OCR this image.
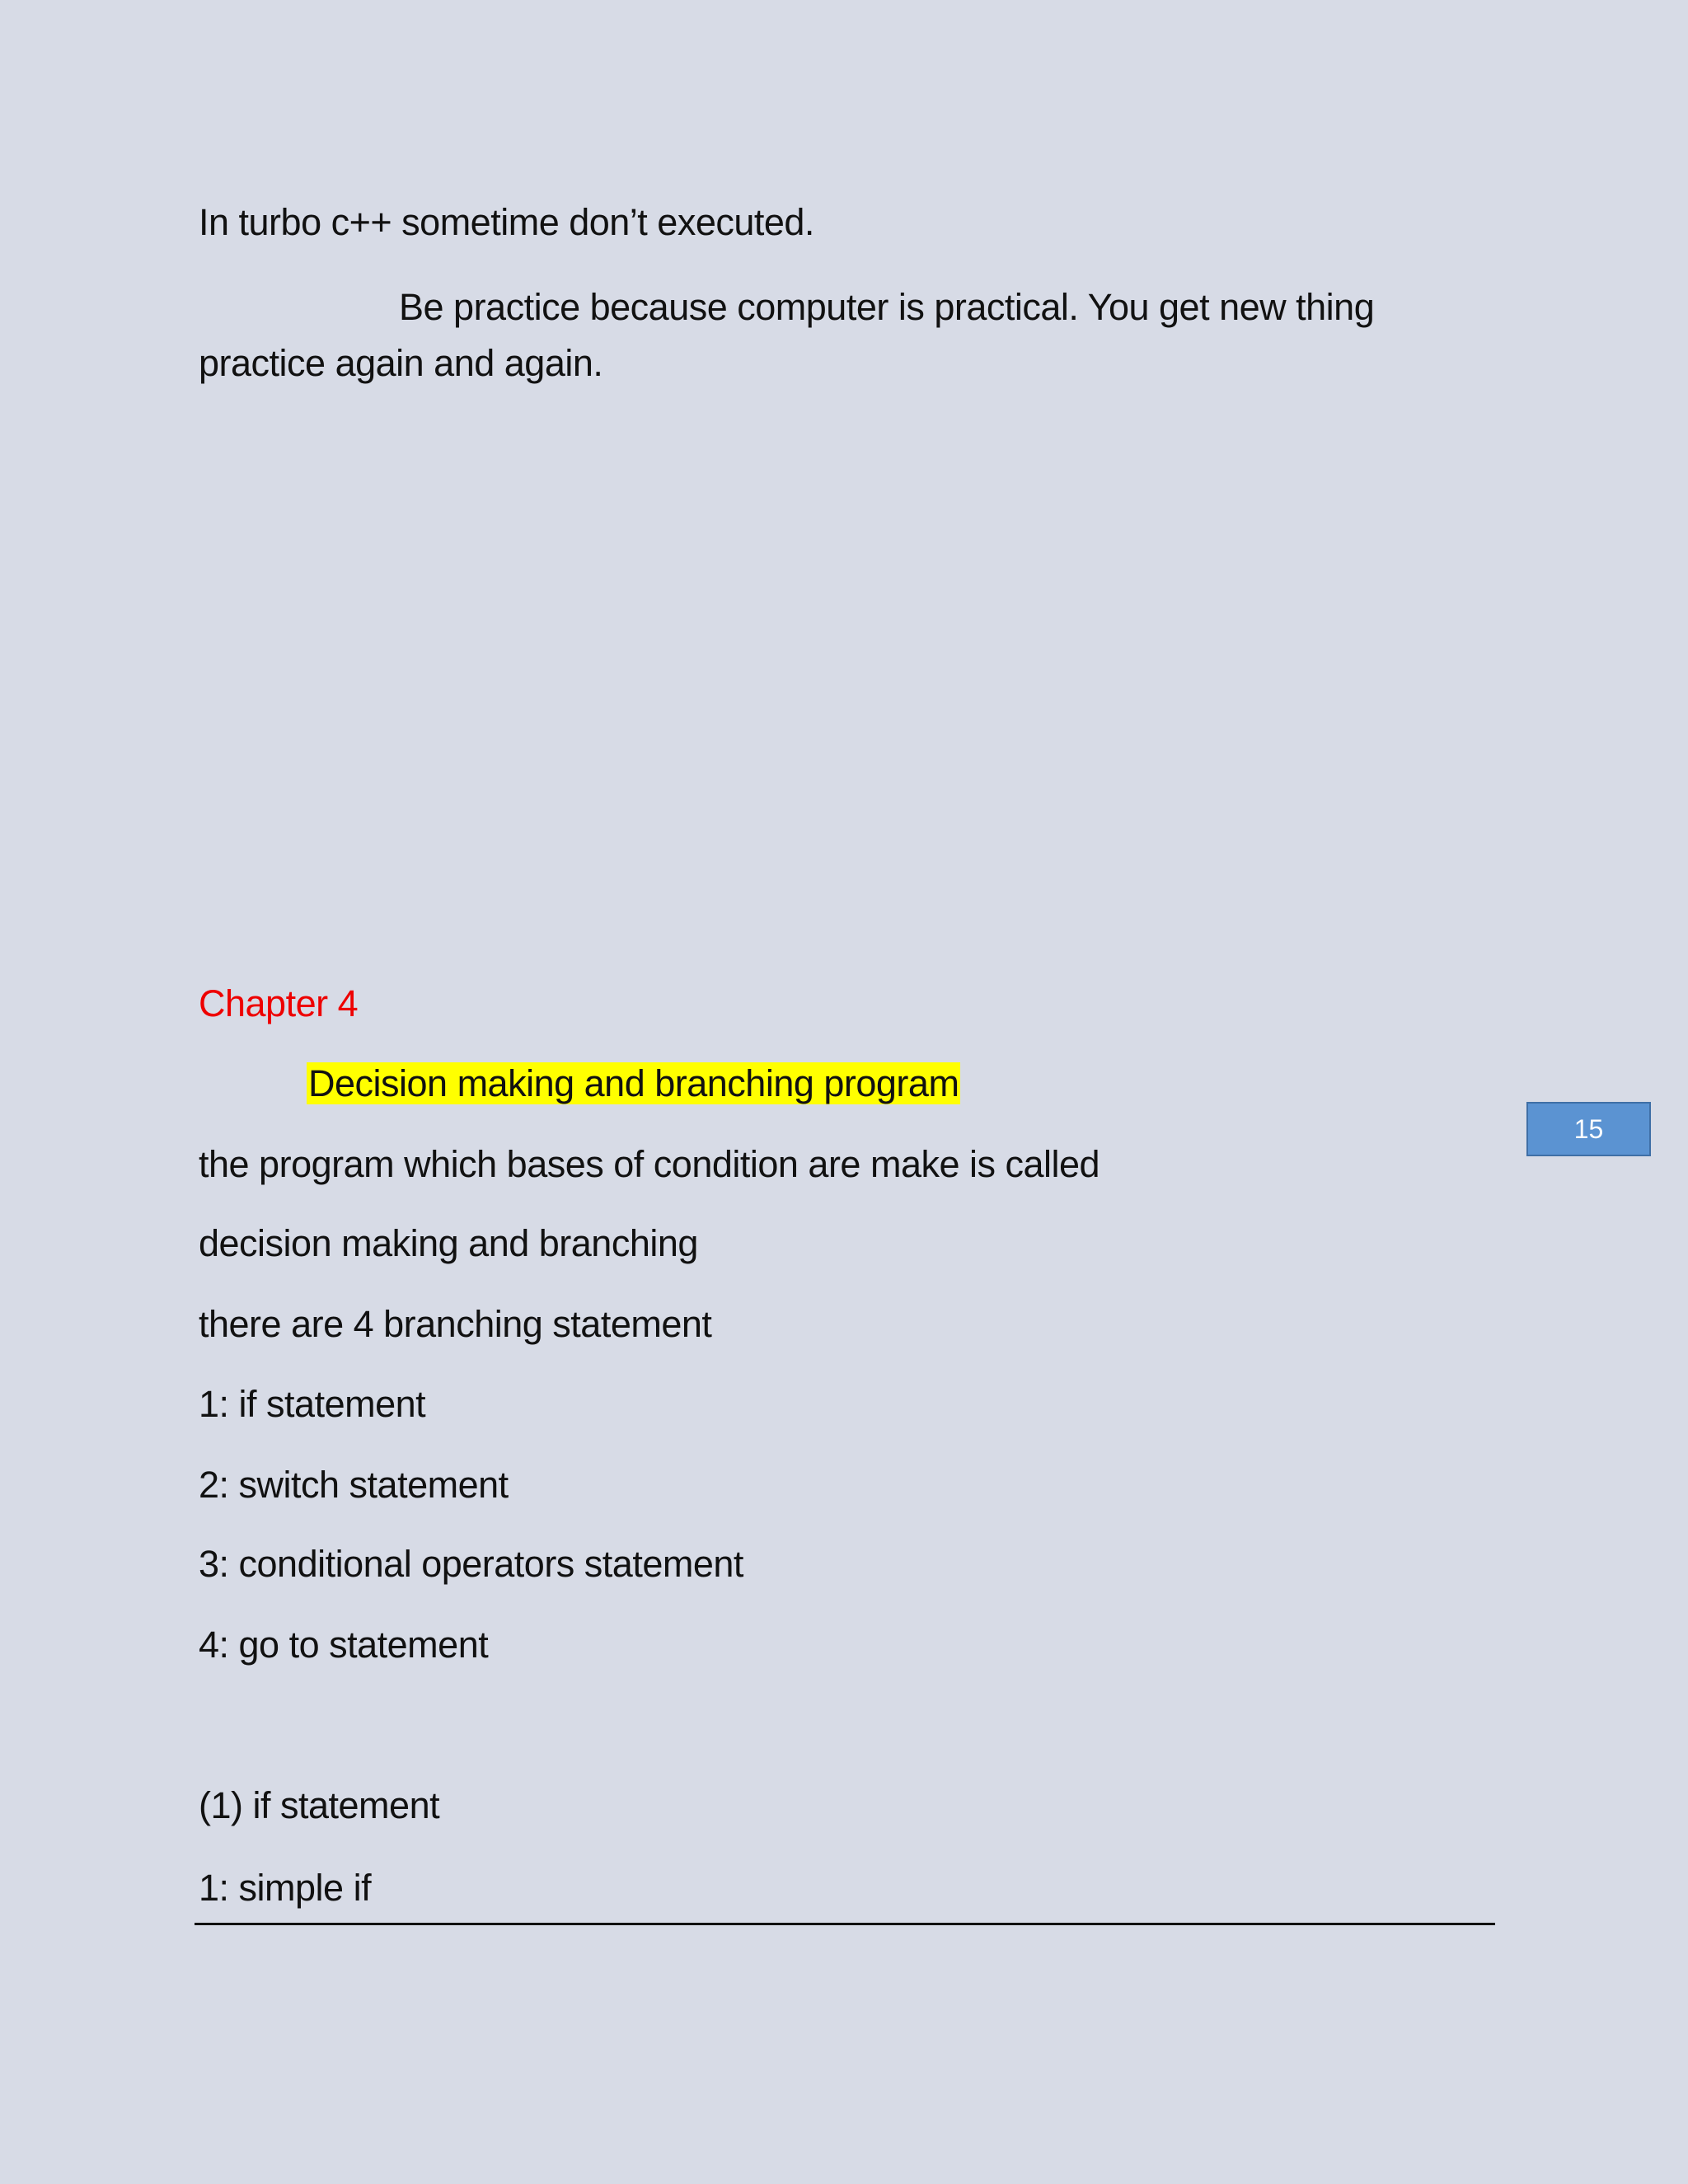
In turbo c++ sometime don’t executed.
Be practice because computer is practical. You get new thing practice again and again.
Chapter 4
Decision making and branching program
the program which bases of condition are make is called
decision making and branching
there are 4 branching statement
1: if statement
2: switch statement
3: conditional operators statement
4: go to statement
(1) if statement
1: simple if
15
